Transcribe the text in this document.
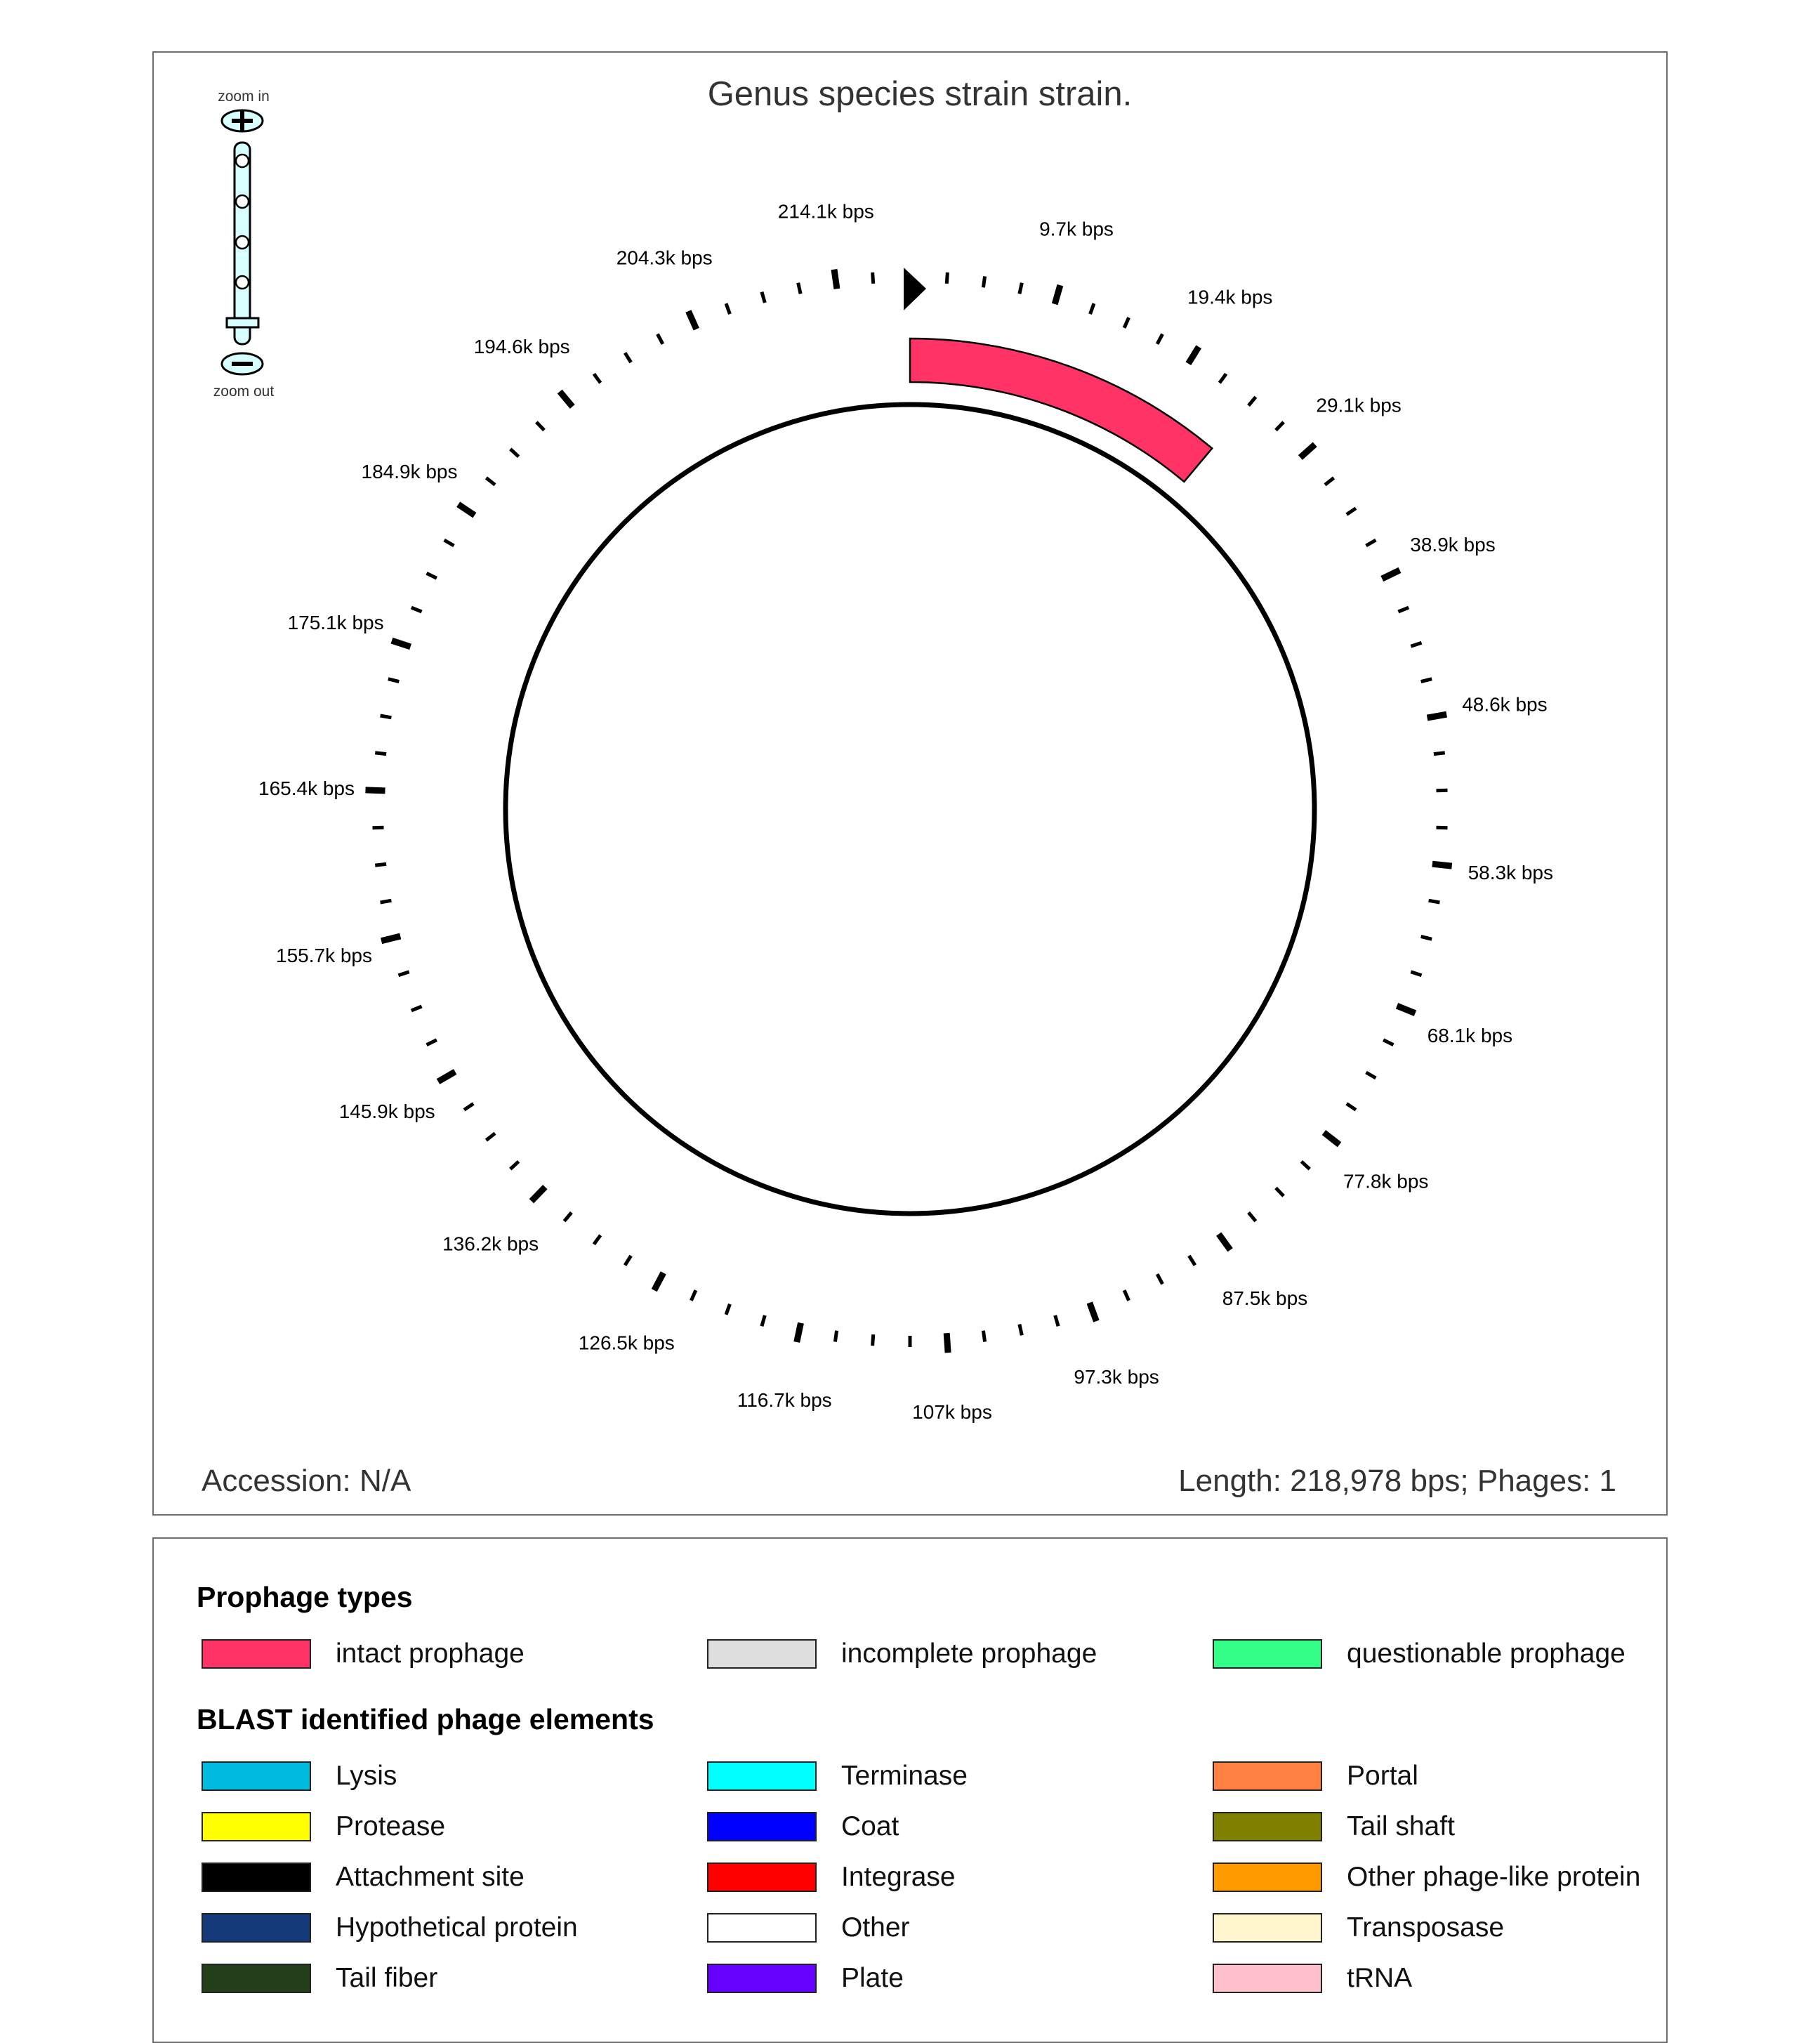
Genus species strain strain.
zoom in
zoom out
9.7k bps
19.4k bps
29.1k bps
38.9k bps
48.6k bps
58.3k bps
68.1k bps
77.8k bps
87.5k bps
97.3k bps
107k bps
116.7k bps
126.5k bps
136.2k bps
145.9k bps
155.7k bps
165.4k bps
175.1k bps
184.9k bps
194.6k bps
204.3k bps
214.1k bps
Accession: N/A	Length: 218,978 bps; Phages: 1
Prophage types
BLAST identified phage elements
intact prophage	incomplete prophage	questionable prophage
Lysis	Terminase	Portal
Protease	Coat	Tail shaft
Attachment site	Integrase	Other phage-like protein
Hypothetical protein	Other	Transposase
Tail fiber	Plate	tRNA
